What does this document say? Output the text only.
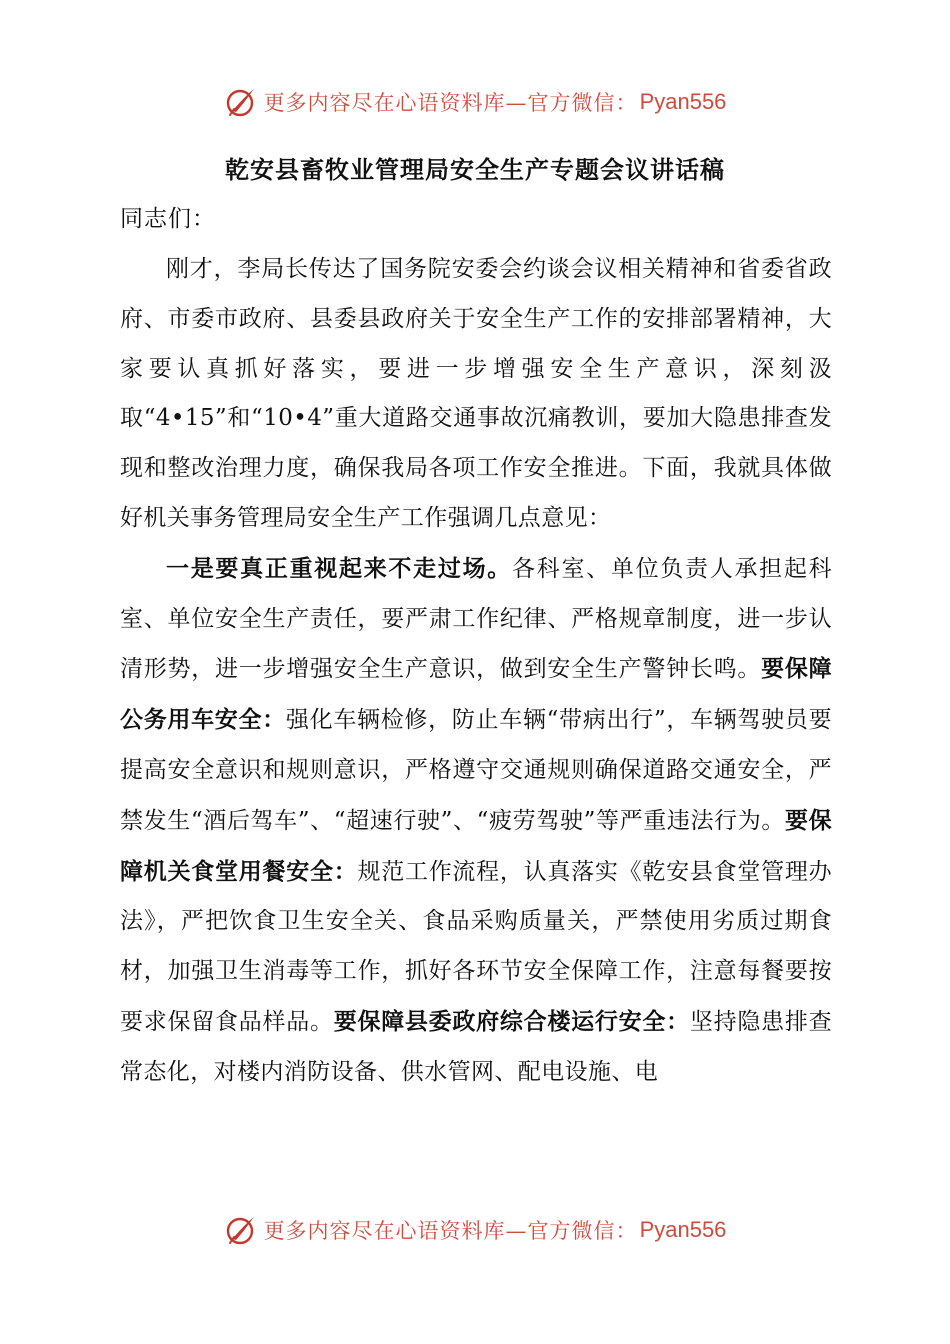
更多内容尽在心语资料库—官方微信： Pyan556
乾安县畜牧业管理局安全生产专题会议讲话稿
同志们：

刚才，李局长传达了国务院安委会约谈会议相关精神和省委省政府、市委市政府、县委县政府关于安全生产工作的安排部署精神，大家要认真抓好落实，要进一步增强安全生产意识，深刻汲取“4•15”和“10•4”重大道路交通事故沉痛教训，要加大隐患排查发现和整改治理力度，确保我局各项工作安全推进。下面，我就具体做好机关事务管理局安全生产工作强调几点意见：

一是要真正重视起来不走过场。各科室、单位负责人承担起科室、单位安全生产责任，要严肃工作纪律、严格规章制度，进一步认清形势，进一步增强安全生产意识，做到安全生产警钟长鸣。要保障公务用车安全：强化车辆检修，防止车辆“带病出行”，车辆驾驶员要提高安全意识和规则意识，严格遵守交通规则确保道路交通安全，严禁发生“酒后驾车”、“超速行驶”、“疲劳驾驶”等严重违法行为。要保障机关食堂用餐安全：规范工作流程，认真落实《乾安县食堂管理办法》，严把饮食卫生安全关、食品采购质量关，严禁使用劣质过期食材，加强卫生消毒等工作，抓好各环节安全保障工作，注意每餐要按要求保留食品样品。要保障县委政府综合楼运行安全：坚持隐患排查常态化，对楼内消防设备、供水管网、配电设施、电

更多内容尽在心语资料库—官方微信： Pyan556
